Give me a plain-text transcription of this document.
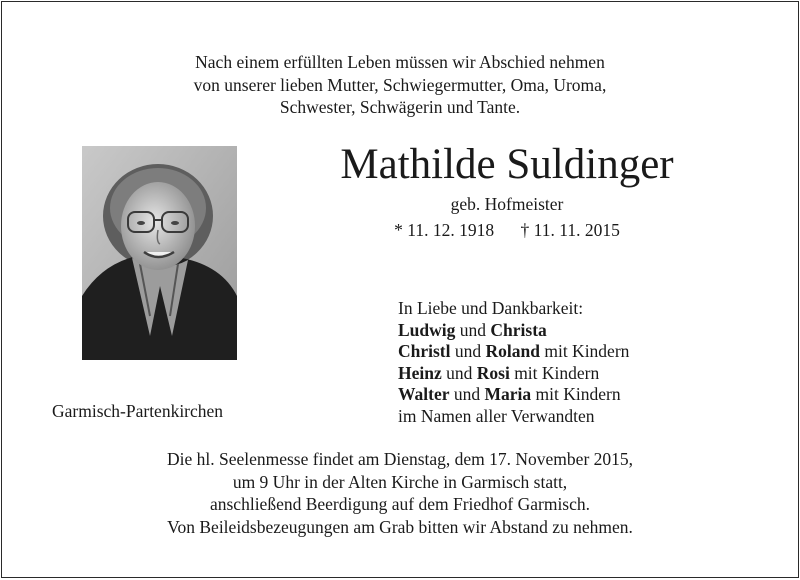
Nach einem erfüllten Leben müssen wir Abschied nehmen
von unserer lieben Mutter, Schwiegermutter, Oma, Uroma,
Schwester, Schwägerin und Tante.
Mathilde Suldinger
geb. Hofmeister
* 11. 12. 1918 † 11. 11. 2015
Garmisch-Partenkirchen
In Liebe und Dankbarkeit:
Ludwig und Christa
Christl und Roland mit Kindern
Heinz und Rosi mit Kindern
Walter und Maria mit Kindern
im Namen aller Verwandten
Die hl. Seelenmesse findet am Dienstag, dem 17. November 2015,
um 9 Uhr in der Alten Kirche in Garmisch statt,
anschließend Beerdigung auf dem Friedhof Garmisch.
Von Beileidsbezeugungen am Grab bitten wir Abstand zu nehmen.
